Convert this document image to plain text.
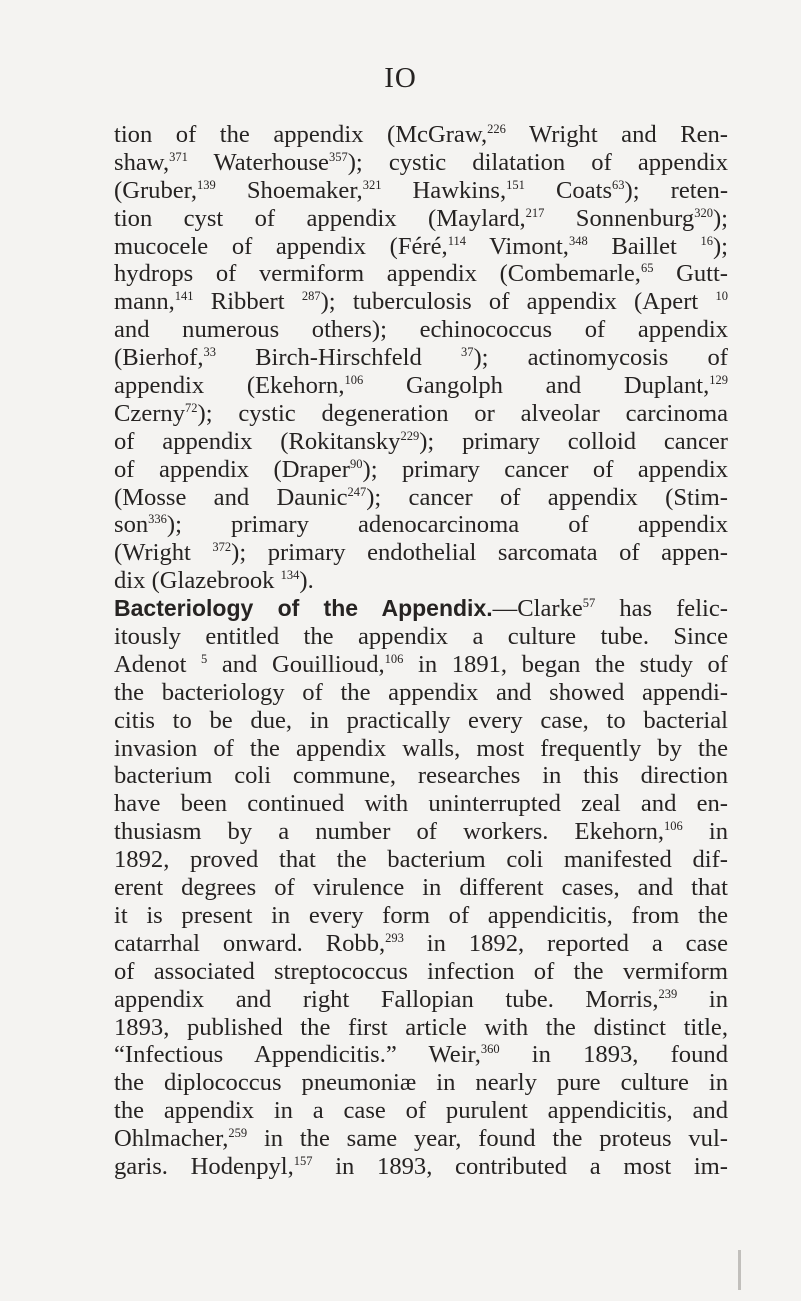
IO
tion of the appendix (McGraw,$^{226}$ Wright and Ren-
shaw,$^{371}$ Waterhouse$^{357}$); cystic dilatation of appendix
(Gruber,$^{139}$ Shoemaker,$^{321}$ Hawkins,$^{151}$ Coats$^{63}$); reten-
tion cyst of appendix (Maylard,$^{217}$ Sonnenburg$^{320}$);
mucocele of appendix (Féré,$^{114}$ Vimont,$^{348}$ Baillet $^{16}$);
hydrops of vermiform appendix (Combemarle,$^{65}$ Gutt-
mann,$^{141}$ Ribbert $^{287}$); tuberculosis of appendix (Apert $^{10}$
and numerous others); echinococcus of appendix
(Bierhof,$^{33}$ Birch-Hirschfeld $^{37}$); actinomycosis of
appendix (Ekehorn,$^{106}$ Gangolph and Duplant,$^{129}$
Czerny$^{72}$); cystic degeneration or alveolar carcinoma
of appendix (Rokitansky$^{229}$); primary colloid cancer
of appendix (Draper$^{90}$); primary cancer of appendix
(Mosse and Daunic$^{247}$); cancer of appendix (Stim-
son$^{336}$); primary adenocarcinoma of appendix
(Wright $^{372}$); primary endothelial sarcomata of appen-
dix (Glazebrook $^{134}$).
Bacteriology of the Appendix.—Clarke$^{57}$ has felic-
itously entitled the appendix a culture tube. Since
Adenot $^5$ and Gouillioud,$^{106}$ in 1891, began the study of
the bacteriology of the appendix and showed appendi-
citis to be due, in practically every case, to bacterial
invasion of the appendix walls, most frequently by the
bacterium coli commune, researches in this direction
have been continued with uninterrupted zeal and en-
thusiasm by a number of workers. Ekehorn,$^{106}$ in
1892, proved that the bacterium coli manifested dif-
erent degrees of virulence in different cases, and that
it is present in every form of appendicitis, from the
catarrhal onward. Robb,$^{293}$ in 1892, reported a case
of associated streptococcus infection of the vermiform
appendix and right Fallopian tube. Morris,$^{239}$ in
1893, published the first article with the distinct title,
“Infectious Appendicitis.” Weir,$^{360}$ in 1893, found
the diplococcus pneumoniæ in nearly pure culture in
the appendix in a case of purulent appendicitis, and
Ohlmacher,$^{259}$ in the same year, found the proteus vul-
garis. Hodenpyl,$^{157}$ in 1893, contributed a most im-
